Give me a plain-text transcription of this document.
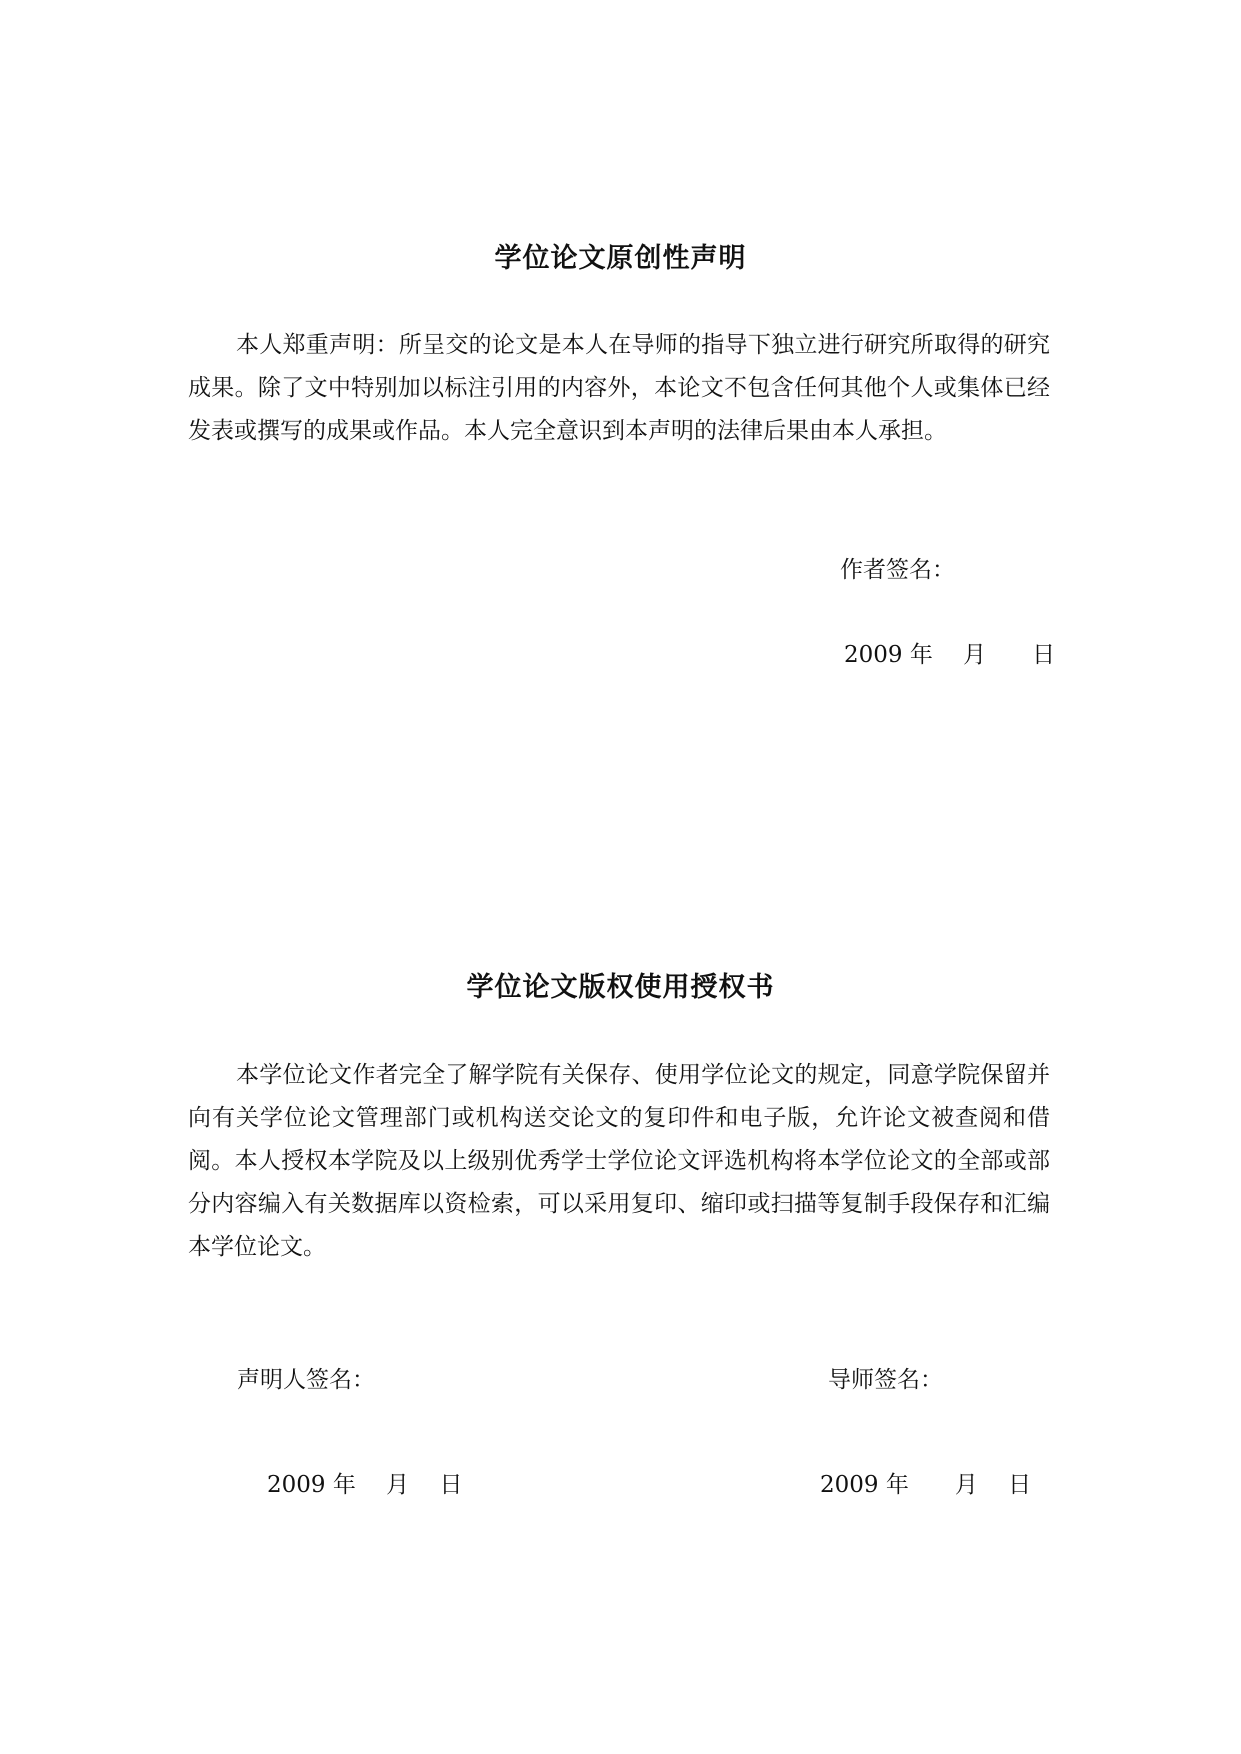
学位论文原创性声明

本人郑重声明：所呈交的论文是本人在导师的指导下独立进行研究所取得的研究成果。除了文中特别加以标注引用的内容外，本论文不包含任何其他个人或集体已经发表或撰写的成果或作品。本人完全意识到本声明的法律后果由本人承担。

作者签名：
2009 年　 月　　日
学位论文版权使用授权书

本学位论文作者完全了解学院有关保存、使用学位论文的规定，同意学院保留并向有关学位论文管理部门或机构送交论文的复印件和电子版，允许论文被查阅和借阅。本人授权本学院及以上级别优秀学士学位论文评选机构将本学位论文的全部或部分内容编入有关数据库以资检索，可以采用复印、缩印或扫描等复制手段保存和汇编本学位论文。

声明人签名：	导师签名：
2009 年　 月　 日	2009 年　　月　 日
